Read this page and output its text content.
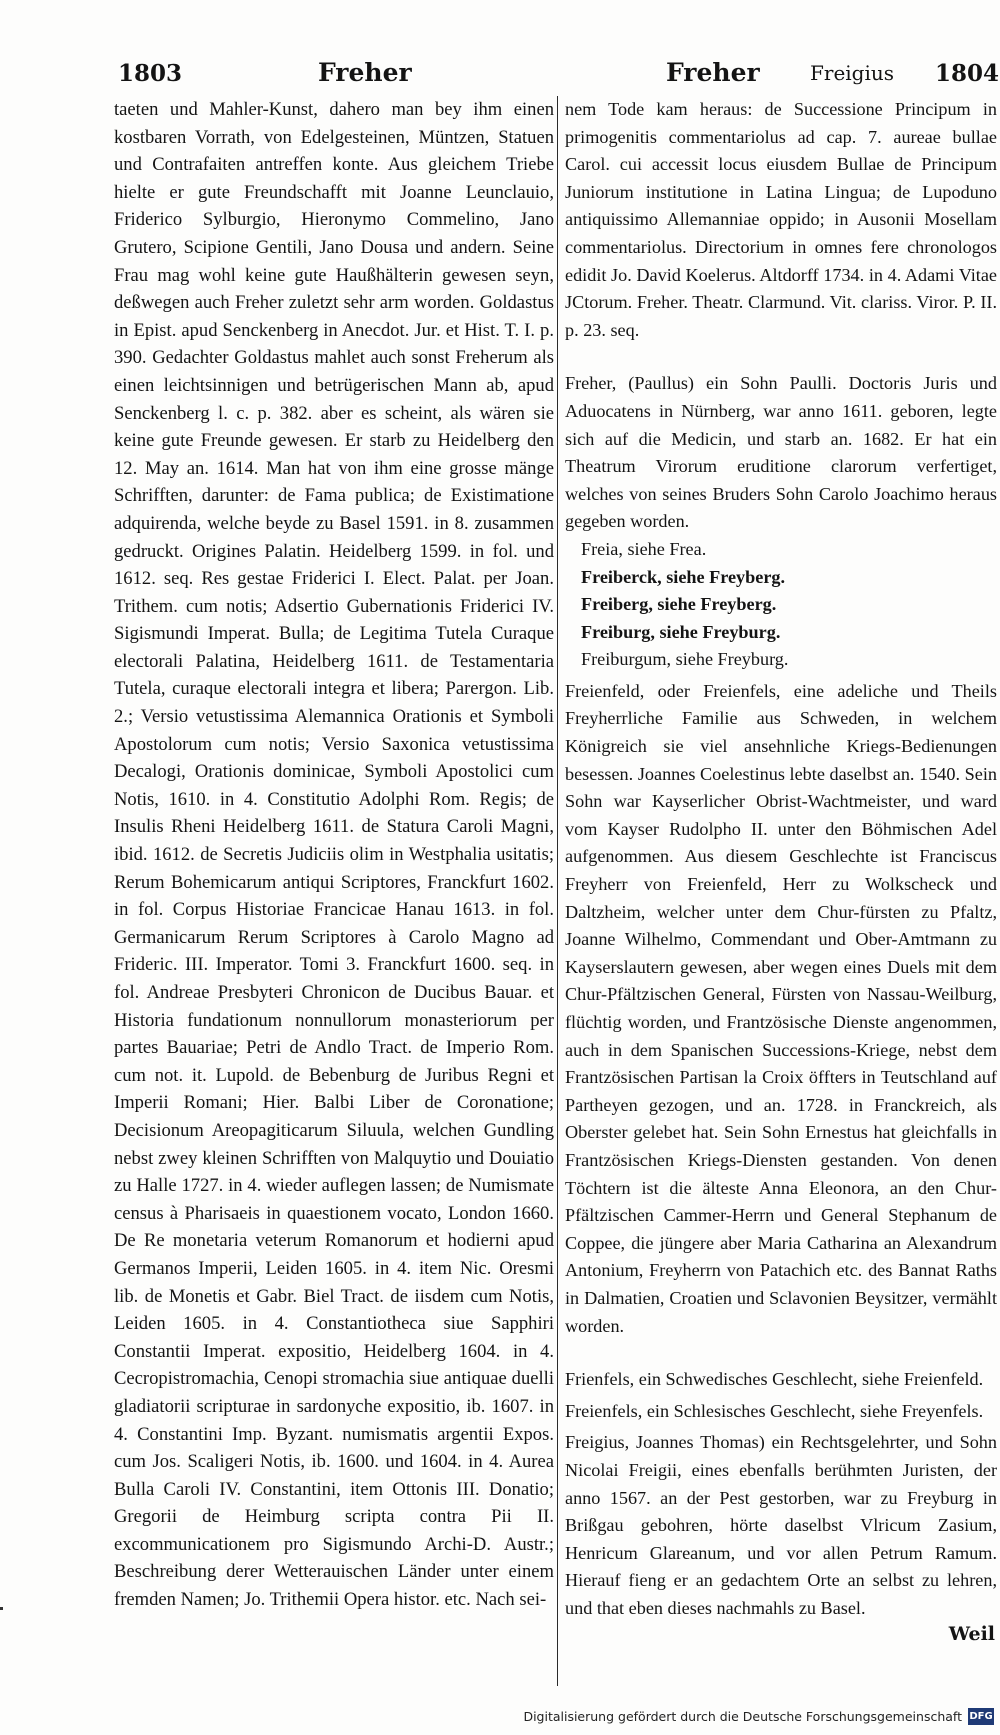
1803	Freher	Freher	Freigius 1804

taeten und Mahler-Kunst, dahero man bey ihm einen kostbaren Vorrath, von Edelgesteinen, Müntzen, Statuen und Contrafaiten antreffen konte. Aus gleichem Triebe hielte er gute Freundschafft mit Joanne Leunclauio, Friderico Sylburgio, Hieronymo Commelino, Jano Grutero, Scipione Gentili, Jano Dousa und andern. Seine Frau mag wohl keine gute Haußhälterin gewesen seyn, deßwegen auch Freher zuletzt sehr arm worden. Goldastus in Epist. apud Senckenberg in Anecdot. Jur. et Hist. T. I. p. 390. Gedachter Goldastus mahlet auch sonst Freherum als einen leichtsinnigen und betrügerischen Mann ab, apud Senckenberg l. c. p. 382. aber es scheint, als wären sie keine gute Freunde gewesen. Er starb zu Heidelberg den 12. May an. 1614. Man hat von ihm eine grosse mänge Schrifften, darunter: de Fama publica; de Existimatione adquirenda, welche beyde zu Basel 1591. in 8. zusammen gedruckt. Origines Palatin. Heidelberg 1599. in fol. und 1612. seq. Res gestae Friderici I. Elect. Palat. per Joan. Trithem. cum notis; Adsertio Gubernationis Friderici IV. Sigismundi Imperat. Bulla; de Legitima Tutela Curaque electorali Palatina, Heidelberg 1611. de Testamentaria Tutela, curaque electorali integra et libera; Parergon. Lib. 2.; Versio vetustissima Alemannica Orationis et Symboli Apostolorum cum notis; Versio Saxonica vetustissima Decalogi, Orationis dominicae, Symboli Apostolici cum Notis, 1610. in 4. Constitutio Adolphi Rom. Regis; de Insulis Rheni Heidelberg 1611. de Statura Caroli Magni, ibid. 1612. de Secretis Judiciis olim in Westphalia usitatis; Rerum Bohemicarum antiqui Scriptores, Franckfurt 1602. in fol. Corpus Historiae Francicae Hanau 1613. in fol. Germanicarum Rerum Scriptores à Carolo Magno ad Frideric. III. Imperator. Tomi 3. Franckfurt 1600. seq. in fol. Andreae Presbyteri Chronicon de Ducibus Bauar. et Historia fundationum nonnullorum monasteriorum per partes Bauariae; Petri de Andlo Tract. de Imperio Rom. cum not. it. Lupold. de Bebenburg de Juribus Regni et Imperii Romani; Hier. Balbi Liber de Coronatione; Decisionum Areopagiticarum Siluula, welchen Gundling nebst zwey kleinen Schrifften von Malquytio und Douiatio zu Halle 1727. in 4. wieder auflegen lassen; de Numismate census à Pharisaeis in quaestionem vocato, London 1660. De Re monetaria veterum Romanorum et hodierni apud Germanos Imperii, Leiden 1605. in 4. item Nic. Oresmi lib. de Monetis et Gabr. Biel Tract. de iisdem cum Notis, Leiden 1605. in 4. Constantiotheca siue Sapphiri Constantii Imperat. expositio, Heidelberg 1604. in 4. Cecropistromachia, Cenopi stromachia siue antiquae duelli gladiatorii scripturae in sardonyche expositio, ib. 1607. in 4. Constantini Imp. Byzant. numismatis argentii Expos. cum Jos. Scaligeri Notis, ib. 1600. und 1604. in 4. Aurea Bulla Caroli IV. Constantini, item Ottonis III. Donatio; Gregorii de Heimburg scripta contra Pii II. excommunicationem pro Sigismundo Archi-D. Austr.; Beschreibung derer Wetterauischen Länder unter einem fremden Namen; Jo. Trithemii Opera histor. etc. Nach sei-

nem Tode kam heraus: de Successione Principum in primogenitis commentariolus ad cap. 7. aureae bullae Carol. cui accessit locus eiusdem Bullae de Principum Juniorum institutione in Latina Lingua; de Lupoduno antiquissimo Allemanniae oppido; in Ausonii Mosellam commentariolus. Directorium in omnes fere chronologos edidit Jo. David Koelerus. Altdorff 1734. in 4. Adami Vitae JCtorum. Freher. Theatr. Clarmund. Vit. clariss. Viror. P. II. p. 23. seq.

Freher, (Paullus) ein Sohn Paulli. Doctoris Juris und Aduocatens in Nürnberg, war anno 1611. geboren, legte sich auf die Medicin, und starb an. 1682. Er hat ein Theatrum Virorum eruditione clarorum verfertiget, welches von seines Bruders Sohn Carolo Joachimo heraus gegeben worden.

Freia, siehe Frea.

Freiberck, siehe Freyberg.

Freiberg, siehe Freyberg.

Freiburg, siehe Freyburg.

Freiburgum, siehe Freyburg.

Freienfeld, oder Freienfels, eine adeliche und Theils Freyherrliche Familie aus Schweden, in welchem Königreich sie viel ansehnliche Kriegs-Bedienungen besessen. Joannes Coelestinus lebte daselbst an. 1540. Sein Sohn war Kayserlicher Obrist-Wachtmeister, und ward vom Kayser Rudolpho II. unter den Böhmischen Adel aufgenommen. Aus diesem Geschlechte ist Franciscus Freyherr von Freienfeld, Herr zu Wolkscheck und Daltzheim, welcher unter dem Chur-fürsten zu Pfaltz, Joanne Wilhelmo, Commendant und Ober-Amtmann zu Kayserslautern gewesen, aber wegen eines Duels mit dem Chur-Pfältzischen General, Fürsten von Nassau-Weilburg, flüchtig worden, und Frantzösische Dienste angenommen, auch in dem Spanischen Successions-Kriege, nebst dem Frantzösischen Partisan la Croix öffters in Teutschland auf Partheyen gezogen, und an. 1728. in Franckreich, als Oberster gelebet hat. Sein Sohn Ernestus hat gleichfalls in Frantzösischen Kriegs-Diensten gestanden. Von denen Töchtern ist die älteste Anna Eleonora, an den Chur-Pfältzischen Cammer-Herrn und General Stephanum de Coppee, die jüngere aber Maria Catharina an Alexandrum Antonium, Freyherrn von Patachich etc. des Bannat Raths in Dalmatien, Croatien und Sclavonien Beysitzer, vermählt worden.

Frienfels, ein Schwedisches Geschlecht, siehe Freienfeld.

Freienfels, ein Schlesisches Geschlecht, siehe Freyenfels.

Freigius, Joannes Thomas) ein Rechtsgelehrter, und Sohn Nicolai Freigii, eines ebenfalls berühmten Juristen, der anno 1567. an der Pest gestorben, war zu Freyburg in Brißgau gebohren, hörte daselbst Vlricum Zasium, Henricum Glareanum, und vor allen Petrum Ramum. Hierauf fieng er an gedachtem Orte an selbst zu lehren, und that eben dieses nachmahls zu Basel.

Weil
Digitalisierung gefördert durch die Deutsche Forschungsgemeinschaft DFG
